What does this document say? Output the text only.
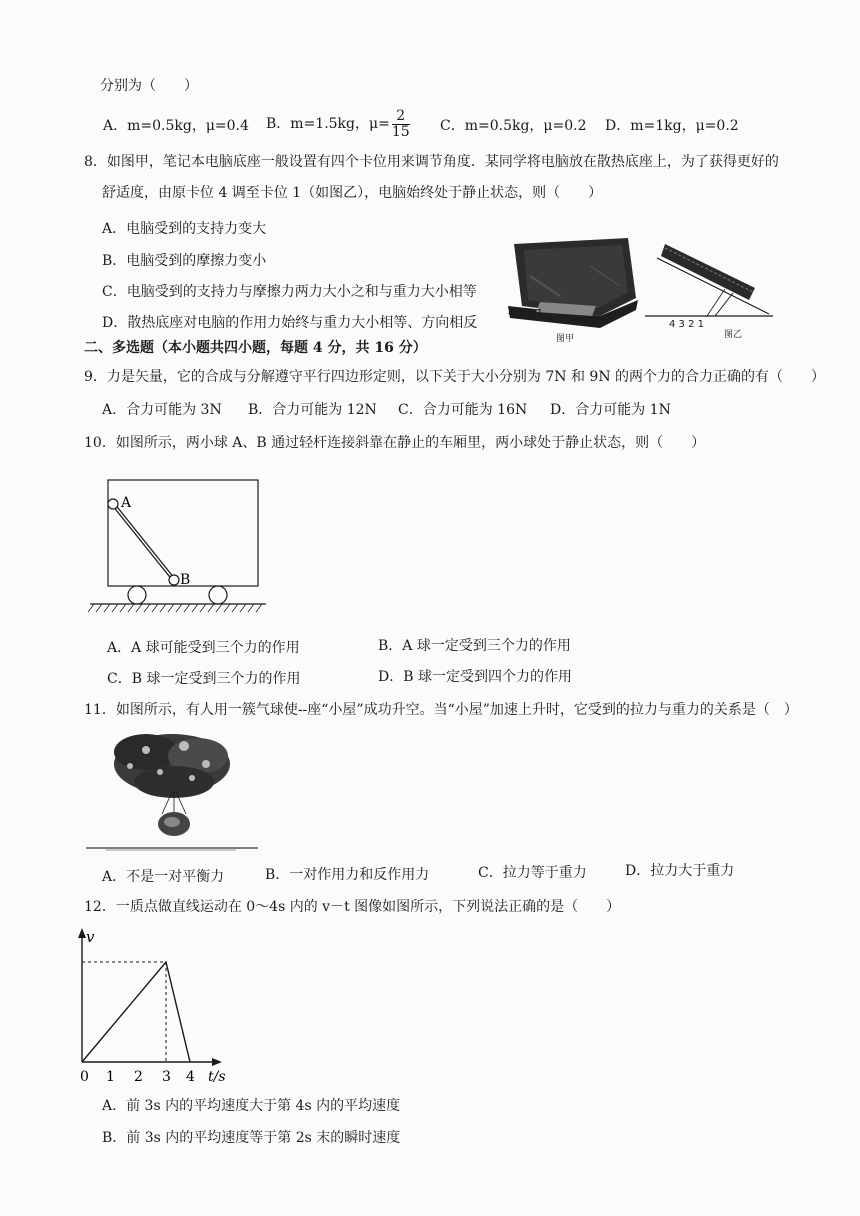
分别为（　　）
A．m=0.5kg，μ=0.4 B．m=1.5kg，$\mu= \frac{2}{15}$ C．m=0.5kg，μ=0.2 D．m=1kg，μ=0.2
8．如图甲，笔记本电脑底座一般设置有四个卡位用来调节角度．某同学将电脑放在散热底座上，为了获得更好的
舒适度，由原卡位 4 调至卡位 1（如图乙），电脑始终处于静止状态，则（　　）
A．电脑受到的支持力变大
B．电脑受到的摩擦力变小
C．电脑受到的支持力与摩擦力两力大小之和与重力大小相等
D．散热底座对电脑的作用力始终与重力大小相等、方向相反
4 3 2 1
图甲
4 3 2 1
图乙
二、多选题（本小题共四小题，每题 4 分，共 16 分）
9．力是矢量，它的合成与分解遵守平行四边形定则，以下关于大小分别为 7N 和 9N 的两个力的合力正确的有（　　）
A．合力可能为 3N B．合力可能为 12N C．合力可能为 16N D．合力可能为 1N
10．如图所示，两小球 A、B 通过轻杆连接斜靠在静止的车厢里，两小球处于静止状态，则（　　）
A
B
A．A 球可能受到三个力的作用	B．A 球一定受到三个力的作用
C．B 球一定受到三个力的作用	D．B 球一定受到四个力的作用
11．如图所示，有人用一簇气球使--座“小屋”成功升空。当“小屋”加速上升时，它受到的拉力与重力的关系是（　）
A．不是一对平衡力	B．一对作用力和反作用力	C．拉力等于重力	D．拉力大于重力
12．一质点做直线运动在 0～4s 内的 v－t 图像如图所示，下列说法正确的是（　　）
v
0 1 2 3 4 t/s
A．前 3s 内的平均速度大于第 4s 内的平均速度
B．前 3s 内的平均速度等于第 2s 末的瞬时速度
